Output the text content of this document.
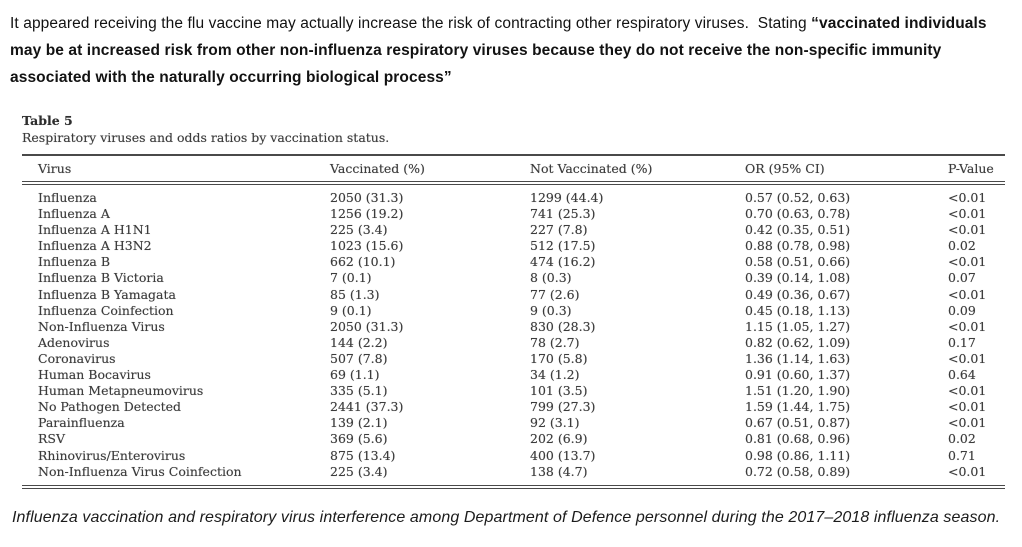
It appeared receiving the flu vaccine may actually increase the risk of contracting other respiratory viruses.  Stating “vaccinated individuals may be at increased risk from other non-influenza respiratory viruses because they do not receive the non-specific immunity associated with the naturally occurring biological process”

Table 5
Respiratory viruses and odds ratios by vaccination status.
Virus	Vaccinated (%)	Not Vaccinated (%)	OR (95% CI)	P-Value
Influenza	2050 (31.3)	1299 (44.4)	0.57 (0.52, 0.63)	<0.01
Influenza A	1256 (19.2)	741 (25.3)	0.70 (0.63, 0.78)	<0.01
Influenza A H1N1	225 (3.4)	227 (7.8)	0.42 (0.35, 0.51)	<0.01
Influenza A H3N2	1023 (15.6)	512 (17.5)	0.88 (0.78, 0.98)	0.02
Influenza B	662 (10.1)	474 (16.2)	0.58 (0.51, 0.66)	<0.01
Influenza B Victoria	7 (0.1)	8 (0.3)	0.39 (0.14, 1.08)	0.07
Influenza B Yamagata	85 (1.3)	77 (2.6)	0.49 (0.36, 0.67)	<0.01
Influenza Coinfection	9 (0.1)	9 (0.3)	0.45 (0.18, 1.13)	0.09
Non-Influenza Virus	2050 (31.3)	830 (28.3)	1.15 (1.05, 1.27)	<0.01
Adenovirus	144 (2.2)	78 (2.7)	0.82 (0.62, 1.09)	0.17
Coronavirus	507 (7.8)	170 (5.8)	1.36 (1.14, 1.63)	<0.01
Human Bocavirus	69 (1.1)	34 (1.2)	0.91 (0.60, 1.37)	0.64
Human Metapneumovirus	335 (5.1)	101 (3.5)	1.51 (1.20, 1.90)	<0.01
No Pathogen Detected	2441 (37.3)	799 (27.3)	1.59 (1.44, 1.75)	<0.01
Parainfluenza	139 (2.1)	92 (3.1)	0.67 (0.51, 0.87)	<0.01
RSV	369 (5.6)	202 (6.9)	0.81 (0.68, 0.96)	0.02
Rhinovirus/Enterovirus	875 (13.4)	400 (13.7)	0.98 (0.86, 1.11)	0.71
Non-Influenza Virus Coinfection	225 (3.4)	138 (4.7)	0.72 (0.58, 0.89)	<0.01

Influenza vaccination and respiratory virus interference among Department of Defence personnel during the 2017–2018 influenza season.
